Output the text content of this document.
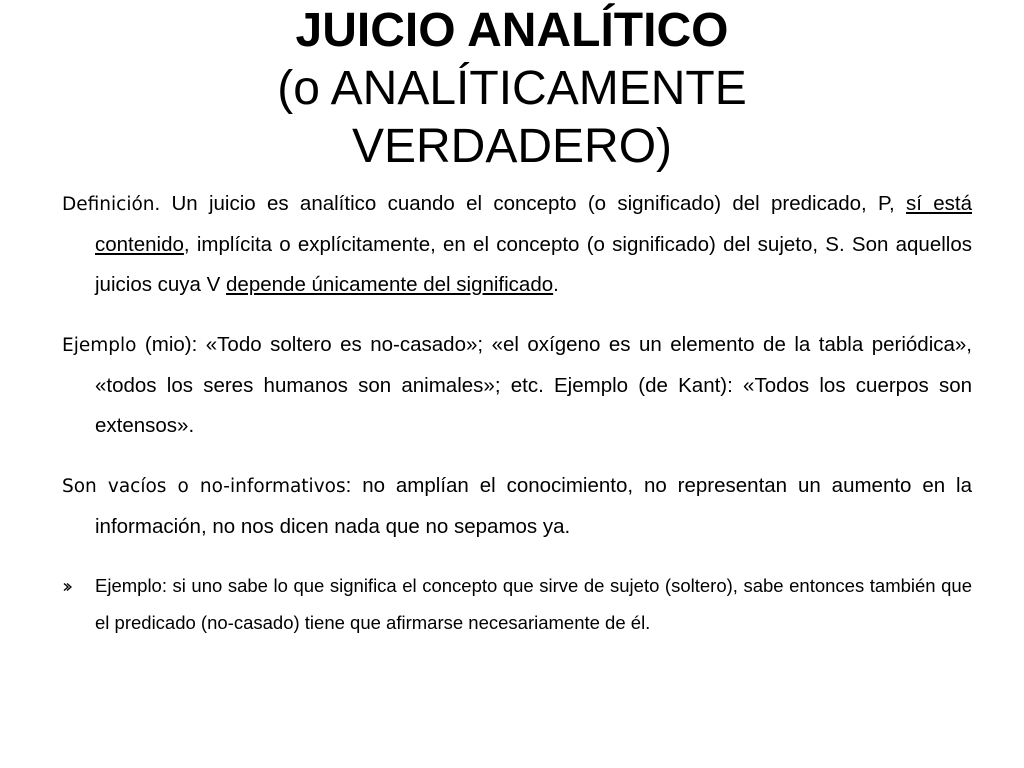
JUICIO ANALÍTICO
(o ANALÍTICAMENTE
VERDADERO)

Definición. Un juicio es analítico cuando el concepto (o significado) del predicado, P, sí está contenido, implícita o explícitamente, en el concepto (o significado) del sujeto, S. Son aquellos juicios cuya V depende únicamente del significado.

Ejemplo (mio): «Todo soltero es no-casado»; «el oxígeno es un elemento de la tabla periódica», «todos los seres humanos son animales»; etc. Ejemplo (de Kant): «Todos los cuerpos son extensos».

Son vacíos o no-informativos: no amplían el conocimiento, no representan un aumento en la información, no nos dicen nada que no sepamos ya.

Ejemplo: si uno sabe lo que significa el concepto que sirve de sujeto (soltero), sabe entonces también que el predicado (no-casado) tiene que afirmarse necesariamente de él.
